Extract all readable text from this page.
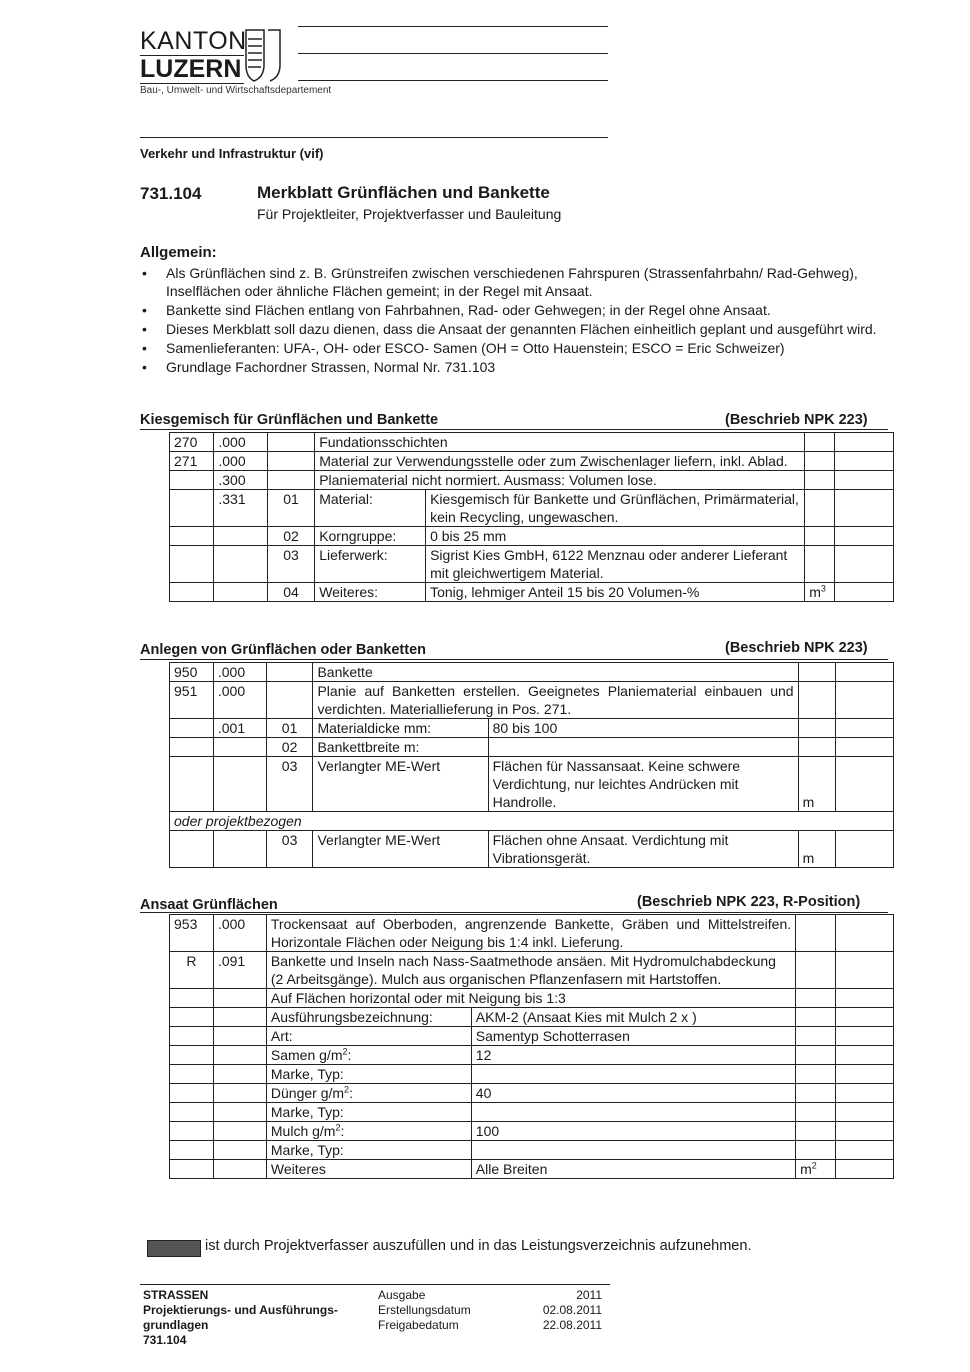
KANTON
LUZERN
Bau-, Umwelt- und Wirtschaftsdepartement
Verkehr und Infrastruktur (vif)
731.104	Merkblatt Grünflächen und Bankette
Für Projektleiter, Projektverfasser und Bauleitung
Allgemein:
• Als Grünflächen sind z. B. Grünstreifen zwischen verschiedenen Fahrspuren (Strassenfahrbahn/ Rad-Gehweg), Inselflächen oder ähnliche Flächen gemeint; in der Regel mit Ansaat.
• Bankette sind Flächen entlang von Fahrbahnen, Rad- oder Gehwegen; in der Regel ohne Ansaat.
• Dieses Merkblatt soll dazu dienen, dass die Ansaat der genannten Flächen einheitlich geplant und ausgeführt wird.
• Samenlieferanten: UFA-, OH- oder ESCO- Samen (OH = Otto Hauenstein; ESCO = Eric Schweizer)
• Grundlage Fachordner Strassen, Normal Nr. 731.103
Kiesgemisch für Grünflächen und Bankette	(Beschrieb NPK 223)
270	.000		Fundationsschichten			
271	.000		Material zur Verwendungsstelle oder zum Zwischenlager liefern, inkl. Ablad.			
	.300		Planiematerial nicht normiert. Ausmass: Volumen lose.			
	.331	01	Material:	Kiesgemisch für Bankette und Grünflächen, Primärmaterial, kein Recycling, ungewaschen.		
		02	Korngruppe:	0 bis 25 mm		
		03	Lieferwerk:	Sigrist Kies GmbH, 6122 Menznau oder anderer Lieferant mit gleichwertigem Material.		
		04	Weiteres:	Tonig, lehmiger Anteil 15 bis 20 Volumen-%	$m^3$	
Anlegen von Grünflächen oder Banketten	(Beschrieb NPK 223)
950	.000		Bankette			
951	.000		Planie auf Banketten erstellen. Geeignetes Planiematerial einbauen und verdichten. Materiallieferung in Pos. 271.			
	.001	01	Materialdicke mm:	80 bis 100		
		02	Bankettbreite m:			
		03	Verlangter ME-Wert	Flächen für Nassansaat. Keine schwere Verdichtung, nur leichtes Andrücken mit Handrolle.	m	
oder projektbezogen						
		03	Verlangter ME-Wert	Flächen ohne Ansaat. Verdichtung mit Vibrationsgerät.	m	
Ansaat Grünflächen	(Beschrieb NPK 223, R-Position)
953	.000	Trockensaat auf Oberboden, angrenzende Bankette, Gräben und Mittelstreifen. Horizontale Flächen oder Neigung bis 1:4 inkl. Lieferung.			
R	.091	Bankette und Inseln nach Nass-Saatmethode ansäen. Mit Hydromulchabdeckung (2 Arbeitsgänge). Mulch aus organischen Pflanzenfasern mit Hartstoffen.			
		Auf Flächen horizontal oder mit Neigung bis 1:3			
		Ausführungsbezeichnung:	AKM-2 (Ansaat Kies mit Mulch 2 x )		
		Art:	Samentyp Schotterrasen		
		Samen $g/m^2$:	12		
		Marke, Typ:			
		Dünger $g/m^2$:	40		
		Marke, Typ:			
		Mulch $g/m^2$:	100		
		Marke, Typ:			
		Weiteres	Alle Breiten	$m^2$	
ist durch Projektverfasser auszufüllen und in das Leistungsverzeichnis aufzunehmen.
STRASSEN
Projektierungs- und Ausführungs-
grundlagen
731.104
Ausgabe
Erstellungsdatum
Freigabedatum
2011
02.08.2011
22.08.2011
